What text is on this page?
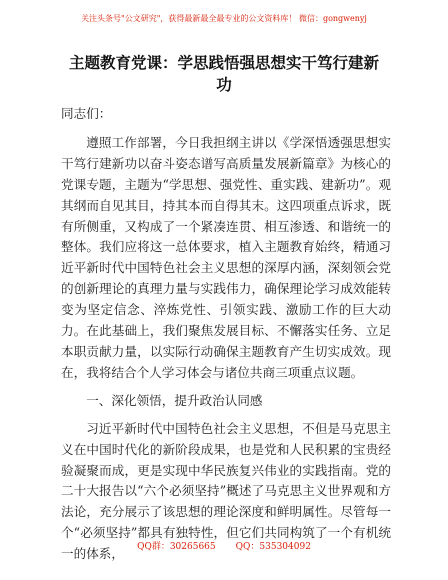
关注头条号"公文研究"，获得最新最全最专业的公文资料库！ 微信：gongwenyj
主题教育党课：学思践悟强思想实干笃行建新功

同志们：

遵照工作部署，今日我担纲主讲以《学深悟透强思想实干笃行建新功以奋斗姿态谱写高质量发展新篇章》为核心的党课专题，主题为“学思想、强党性、重实践、建新功”。观其纲而自见其目，持其本而自得其末。这四项重点诉求，既有所侧重，又构成了一个紧凑连贯、相互渗透、和谐统一的整体。我们应将这一总体要求，植入主题教育始终，精通习近平新时代中国特色社会主义思想的深厚内涵，深刻领会党的创新理论的真理力量与实践伟力，确保理论学习成效能转变为坚定信念、淬炼党性、引领实践、激励工作的巨大动力。在此基础上，我们聚焦发展目标、不懈落实任务、立足本职贡献力量，以实际行动确保主题教育产生切实成效。现在，我将结合个人学习体会与诸位共商三项重点议题。

一、深化领悟，提升政治认同感

习近平新时代中国特色社会主义思想，不但是马克思主义在中国时代化的新阶段成果，也是党和人民积累的宝贵经验凝聚而成，更是实现中华民族复兴伟业的实践指南。党的二十大报告以“六个必须坚持”概述了马克思主义世界观和方法论，充分展示了该思想的理论深度和鲜明属性。尽管每一个“必须坚持”都具有独特性，但它们共同构筑了一个有机统一的体系，	QQ群：30265665 QQ：535304092
